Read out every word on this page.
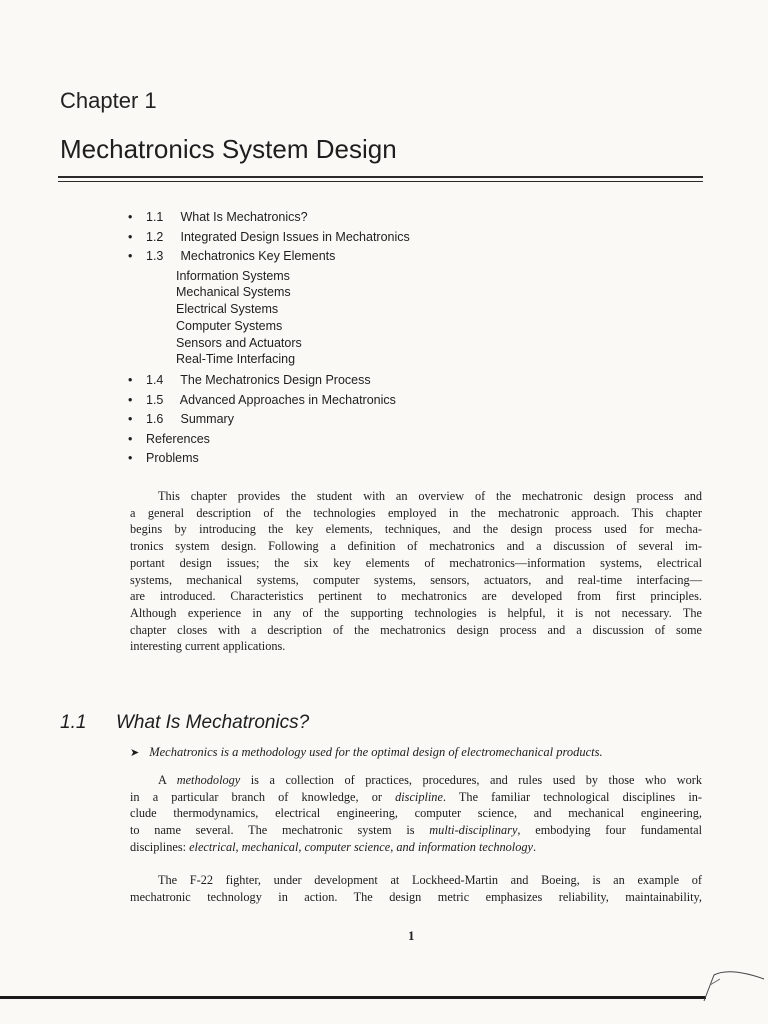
Chapter 1
Mechatronics System Design
• 1.1 What Is Mechatronics?
• 1.2 Integrated Design Issues in Mechatronics
• 1.3 Mechatronics Key Elements
Information Systems
Mechanical Systems
Electrical Systems
Computer Systems
Sensors and Actuators
Real-Time Interfacing
• 1.4 The Mechatronics Design Process
• 1.5 Advanced Approaches in Mechatronics
• 1.6 Summary
• References
• Problems
This chapter provides the student with an overview of the mechatronic design process and
a general description of the technologies employed in the mechatronic approach. This chapter
begins by introducing the key elements, techniques, and the design process used for mecha-
tronics system design. Following a definition of mechatronics and a discussion of several im-
portant design issues; the six key elements of mechatronics—information systems, electrical
systems, mechanical systems, computer systems, sensors, actuators, and real-time interfacing—
are introduced. Characteristics pertinent to mechatronics are developed from first principles.
Although experience in any of the supporting technologies is helpful, it is not necessary. The
chapter closes with a description of the mechatronics design process and a discussion of some
interesting current applications.
1.1 What Is Mechatronics?
➤ Mechatronics is a methodology used for the optimal design of electromechanical products.
A methodology is a collection of practices, procedures, and rules used by those who work
in a particular branch of knowledge, or discipline. The familiar technological disciplines in-
clude thermodynamics, electrical engineering, computer science, and mechanical engineering,
to name several. The mechatronic system is multi-disciplinary, embodying four fundamental
disciplines: electrical, mechanical, computer science, and information technology.
The F-22 fighter, under development at Lockheed-Martin and Boeing, is an example of
mechatronic technology in action. The design metric emphasizes reliability, maintainability,
1
